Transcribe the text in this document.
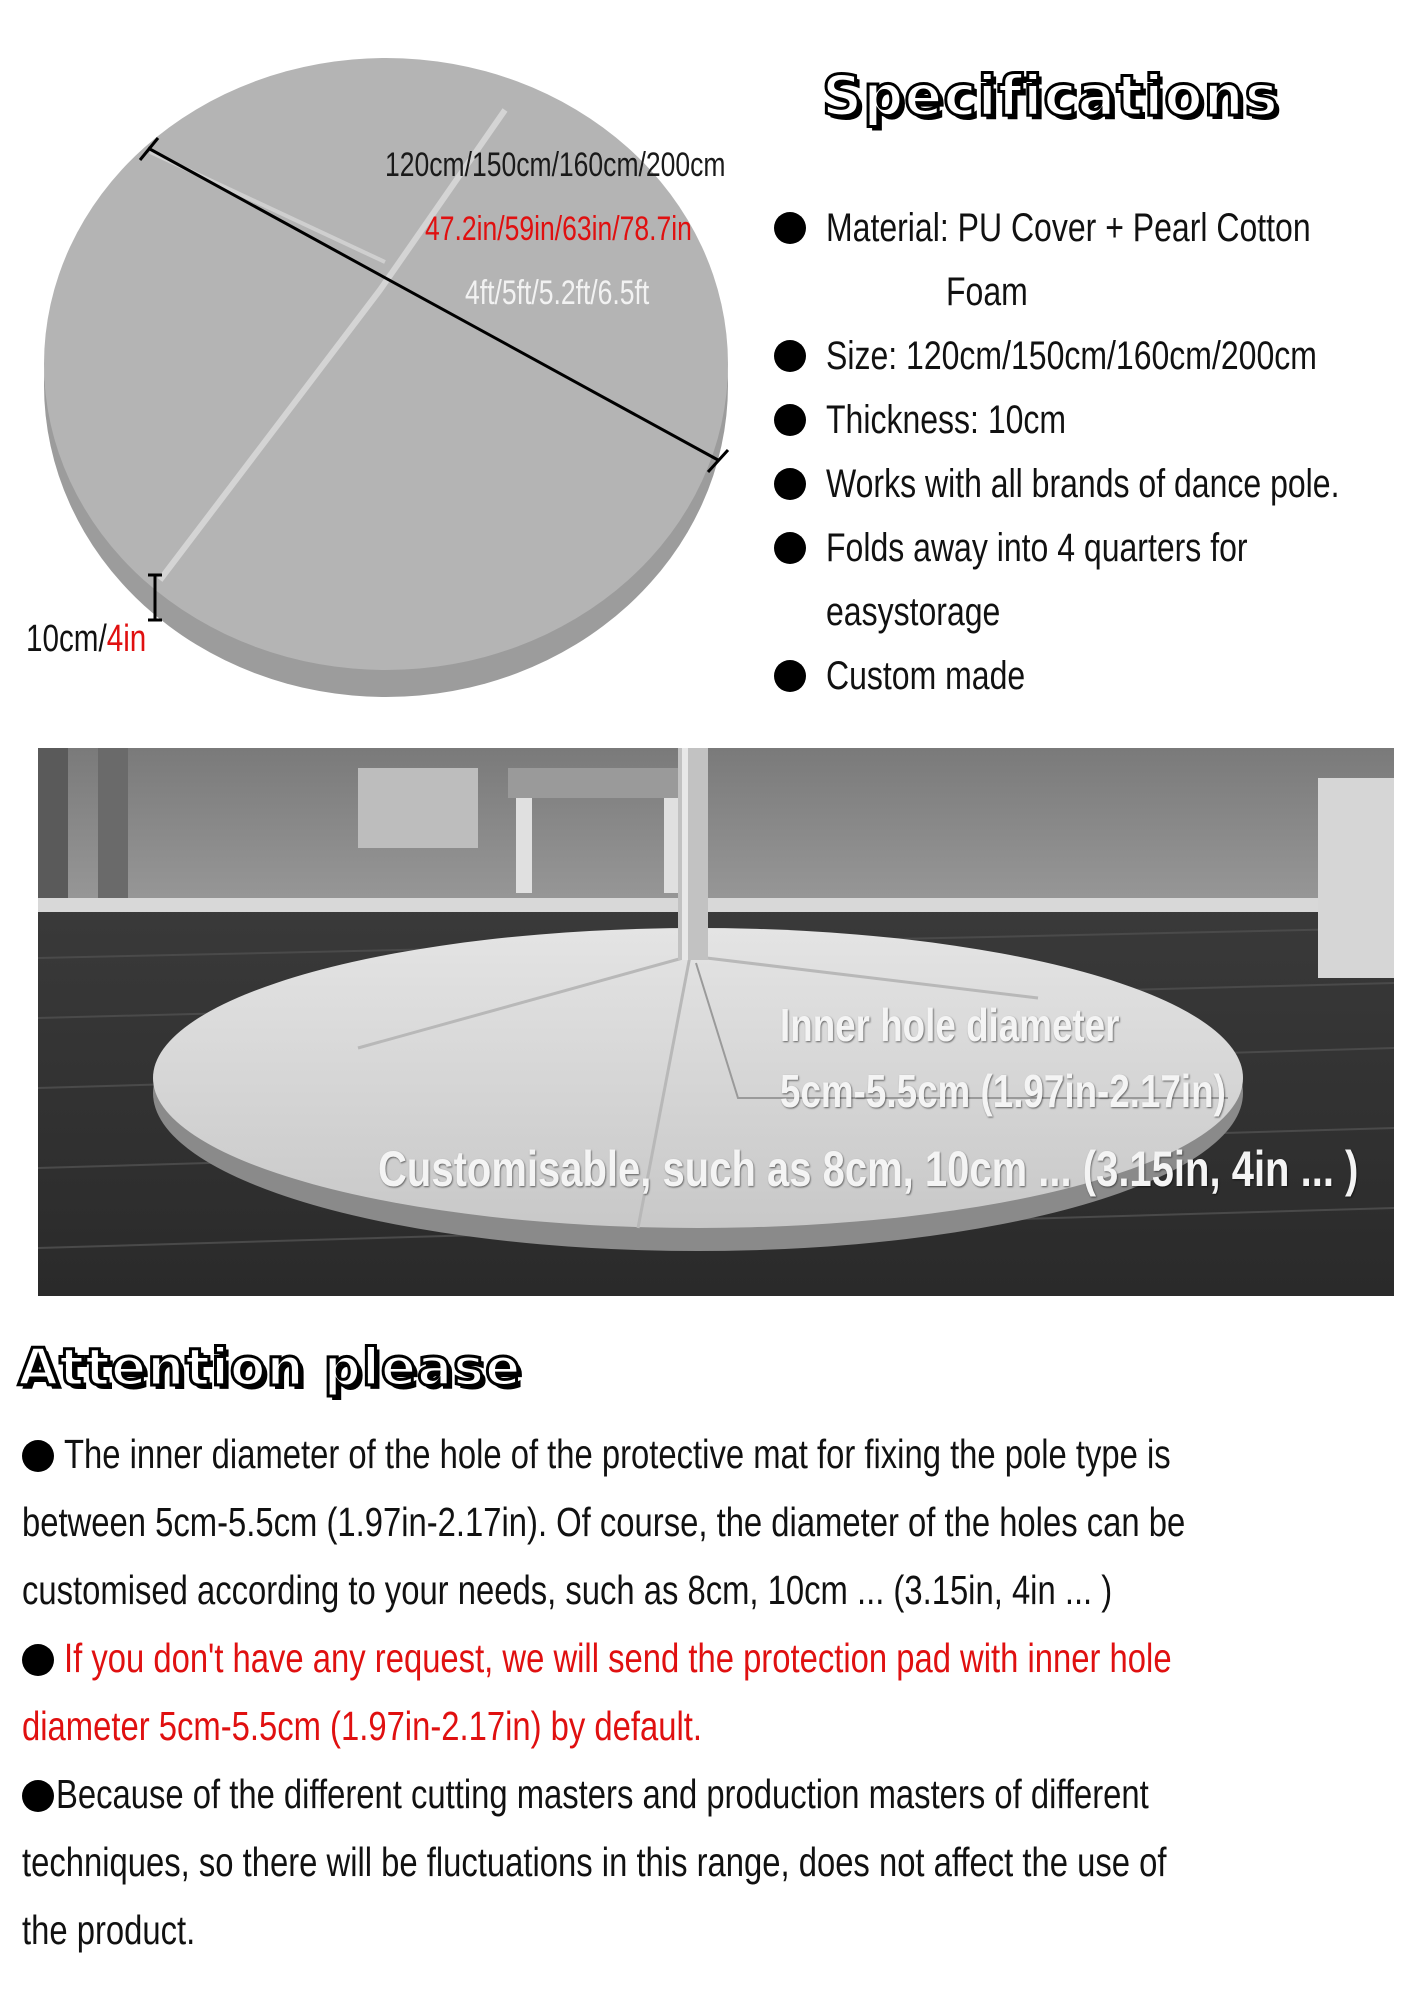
120cm/150cm/160cm/200cm
47.2in/59in/63in/78.7in
4ft/5ft/5.2ft/6.5ft
10cm/4in
Specifications
Material: PU Cover + Pearl Cotton
Foam
Size: 120cm/150cm/160cm/200cm
Thickness: 10cm
Works with all brands of dance pole.
Folds away into 4 quarters for
easystorage
Custom made
Inner hole diameter
5cm-5.5cm (1.97in-2.17in)
Customisable, such as 8cm, 10cm ... (3.15in, 4in ... )
Attention please
The inner diameter of the hole of the protective mat for fixing the pole type is
between 5cm-5.5cm (1.97in-2.17in). Of course, the diameter of the holes can be
customised according to your needs, such as 8cm, 10cm ... (3.15in, 4in ... )
If you don't have any request, we will send the protection pad with inner hole
diameter 5cm-5.5cm (1.97in-2.17in) by default.
Because of the different cutting masters and production masters of different
techniques, so there will be fluctuations in this range, does not affect the use of
the product.
